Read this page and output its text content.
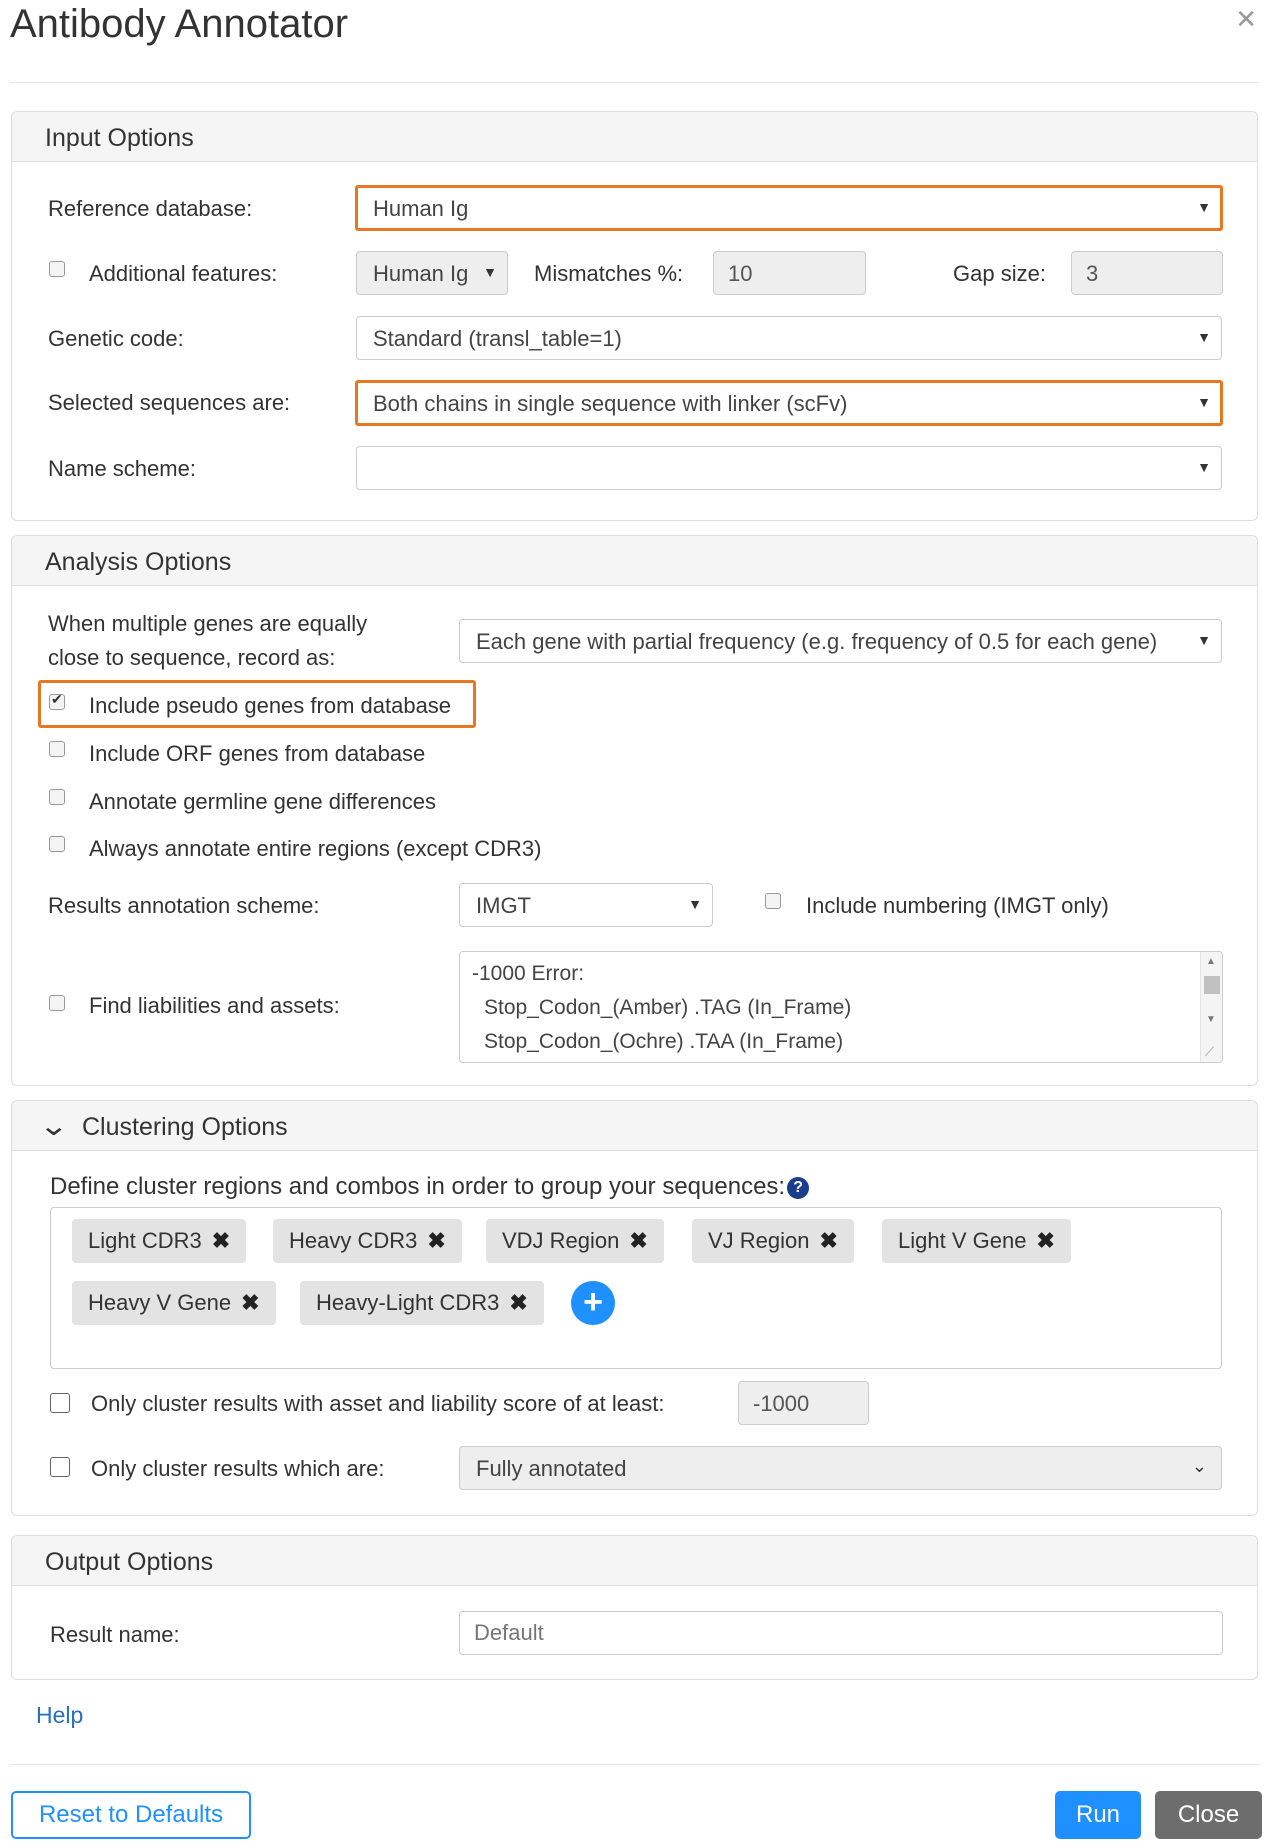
Antibody Annotator	✕
Input Options
Reference database:	Human Ig	▼
Additional features:	Human Ig ▼ Mismatches %:	10	Gap size:	3
Genetic code:	Standard (transl_table=1)	▼
Selected sequences are:	Both chains in single sequence with linker (scFv)	▼
Name scheme:	▼
Analysis Options
When multiple genes are equally
close to sequence, record as:
Each gene with partial frequency (e.g. frequency of 0.5 for each gene)	▼
✔
Include pseudo genes from database
Include ORF genes from database
Annotate germline gene differences
Always annotate entire regions (except CDR3)
Results annotation scheme:	IMGT	▼	Include numbering (IMGT only)
Find liabilities and assets:
-1000 Error:
Stop_Codon_(Amber) .TAG (In_Frame)
Stop_Codon_(Ochre) .TAA (In_Frame)
▲
▼
⟋
⌄ Clustering Options
Define cluster regions and combos in order to group your sequences: ?
Light CDR3 ✖	Heavy CDR3 ✖	VDJ Region ✖	VJ Region ✖	Light V Gene ✖
Heavy V Gene ✖	Heavy-Light CDR3 ✖	+
Only cluster results with asset and liability score of at least:	-1000
Only cluster results which are:	Fully annotated	⌄
Output Options
Result name:
Default
Help
Reset to Defaults	Run	Close
